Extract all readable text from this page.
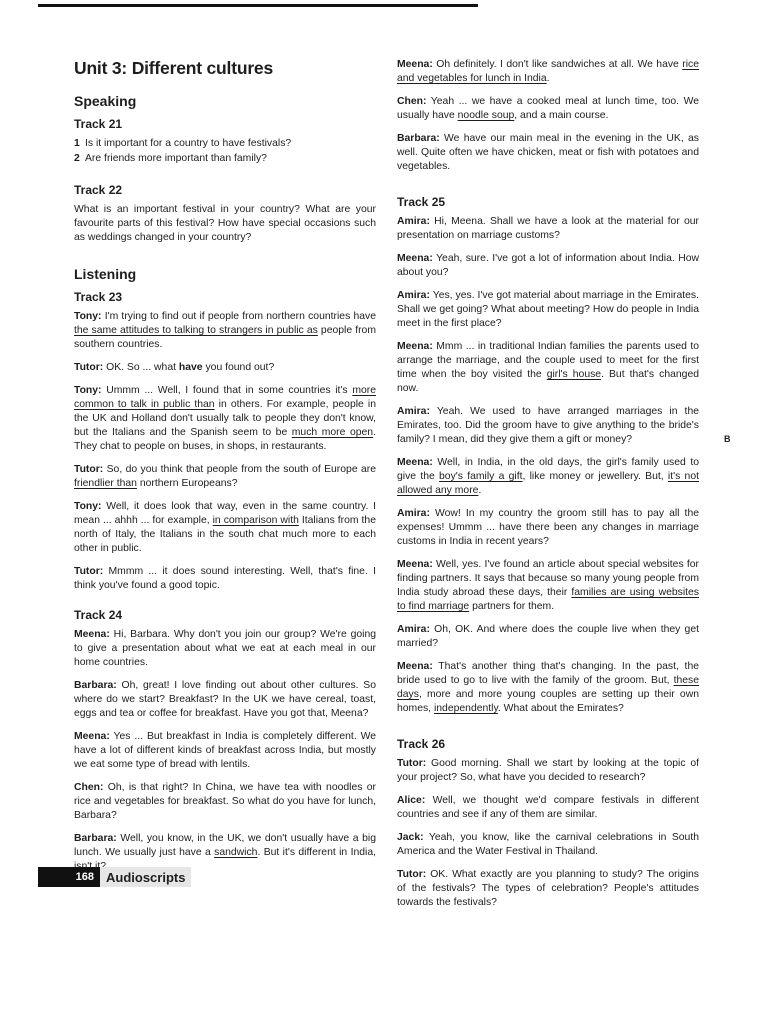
Unit 3: Different cultures
Speaking
Track 21

1 Is it important for a country to have festivals?

2 Are friends more important than family?

Track 22

What is an important festival in your country? What are your favourite parts of this festival? How have special occasions such as weddings changed in your country?

Listening
Track 23

Tony: I'm trying to find out if people from northern countries have the same attitudes to talking to strangers in public as people from southern countries.

Tutor: OK. So ... what have you found out?

Tony: Ummm ... Well, I found that in some countries it's more common to talk in public than in others. For example, people in the UK and Holland don't usually talk to people they don't know, but the Italians and the Spanish seem to be much more open. They chat to people on buses, in shops, in restaurants.

Tutor: So, do you think that people from the south of Europe are friendlier than northern Europeans?

Tony: Well, it does look that way, even in the same country. I mean ... ahhh ... for example, in comparison with Italians from the north of Italy, the Italians in the south chat much more to each other in public.

Tutor: Mmmm ... it does sound interesting. Well, that's fine. I think you've found a good topic.

Track 24

Meena: Hi, Barbara. Why don't you join our group? We're going to give a presentation about what we eat at each meal in our home countries.

Barbara: Oh, great! I love finding out about other cultures. So where do we start? Breakfast? In the UK we have cereal, toast, eggs and tea or coffee for breakfast. Have you got that, Meena?

Meena: Yes ... But breakfast in India is completely different. We have a lot of different kinds of breakfast across India, but mostly we eat some type of bread with lentils.

Chen: Oh, is that right? In China, we have tea with noodles or rice and vegetables for breakfast. So what do you have for lunch, Barbara?

Barbara: Well, you know, in the UK, we don't usually have a big lunch. We usually just have a sandwich. But it's different in India,

Meena: Oh definitely. I don't like sandwiches at all. We have rice and vegetables for lunch in India.

Chen: Yeah ... we have a cooked meal at lunch time, too. We usually have noodle soup, and a main course.

Barbara: We have our main meal in the evening in the UK, as well. Quite often we have chicken, meat or fish with potatoes and vegetables.

Track 25

Amira: Hi, Meena. Shall we have a look at the material for our presentation on marriage customs?

Meena: Yeah, sure. I've got a lot of information about India. How about you?

Amira: Yes, yes. I've got material about marriage in the Emirates. Shall we get going? What about meeting? How do people in India meet in the first place?

Meena: Mmm ... in traditional Indian families the parents used to arrange the marriage, and the couple used to meet for the first time when the boy visited the girl's house. But that's changed now.

Amira: Yeah. We used to have arranged marriages in the Emirates, too. Did the groom have to give anything to the bride's family? I mean, did they give them a gift or money?

Meena: Well, in India, in the old days, the girl's family used to give the boy's family a gift, like money or jewellery. But, it's not allowed any more.

Amira: Wow! In my country the groom still has to pay all the expenses! Ummm ... have there been any changes in marriage customs in India in recent years?

Meena: Well, yes. I've found an article about special websites for finding partners. It says that because so many young people from India study abroad these days, their families are using websites to find marriage partners for them.

Amira: Oh, OK. And where does the couple live when they get married?

Meena: That's another thing that's changing. In the past, the bride used to go to live with the family of the groom. But, these days, more and more young couples are setting up their own homes, independently. What about the Emirates?

Track 26

Tutor: Good morning. Shall we start by looking at the topic of your project? So, what have you decided to research?

Alice: Well, we thought we'd compare festivals in different countries and see if any of them are similar.

Jack: Yeah, you know, like the carnival celebrations in South America and the Water Festival in Thailand.

Tutor: OK. What exactly are you planning to study? The origins of the festivals? The types of celebration? People's attitudes towards the festivals?

B
168 Audioscripts
